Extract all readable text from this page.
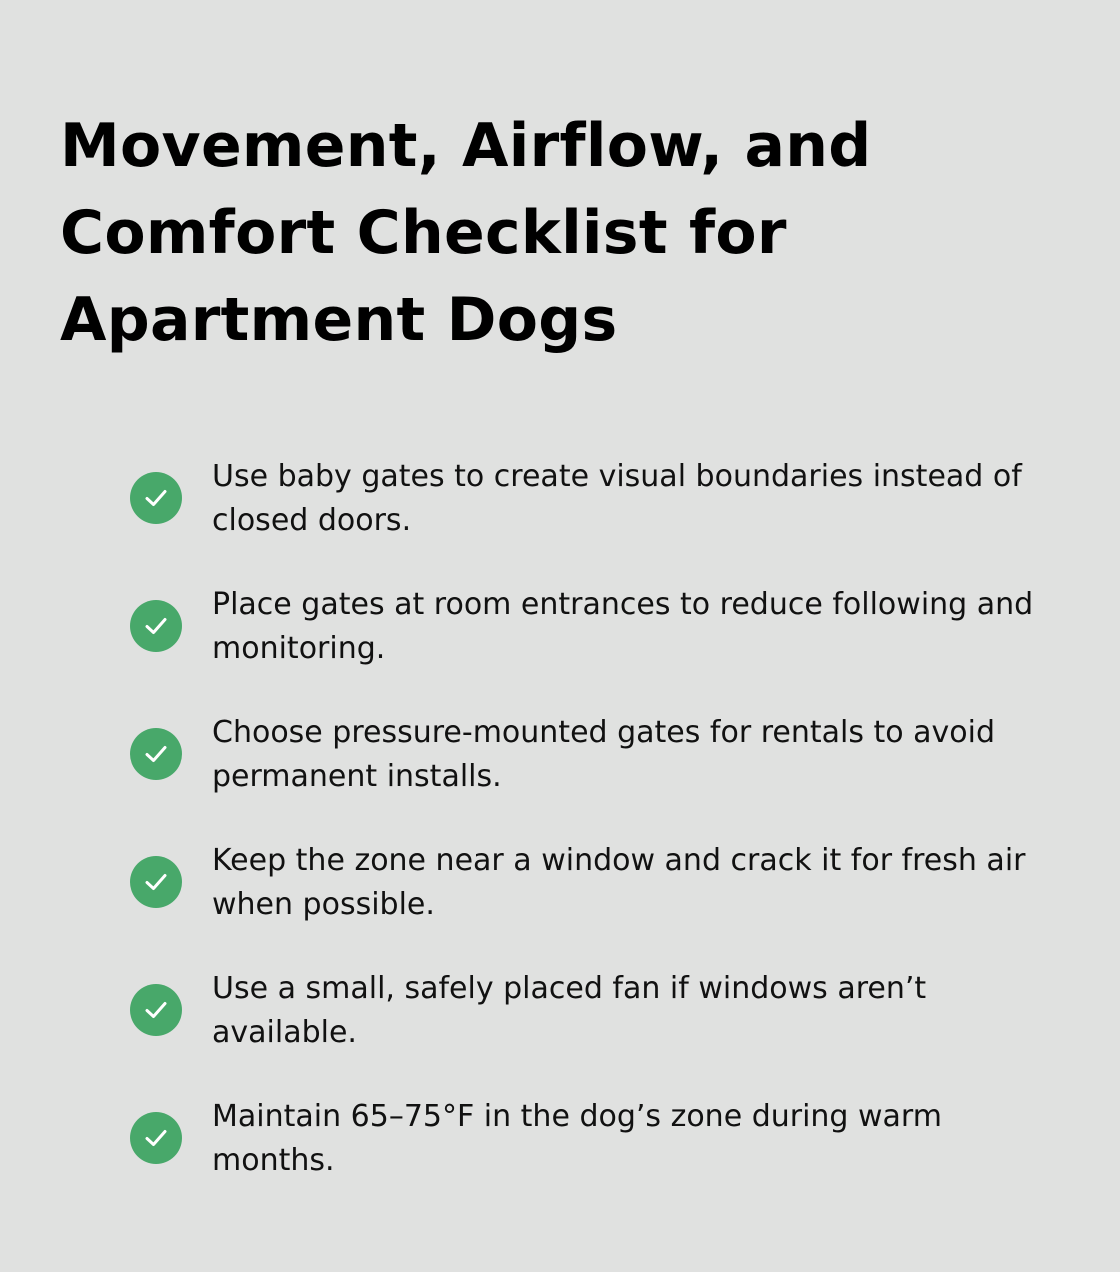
Movement, Airflow, and
Comfort Checklist for
Apartment Dogs
Use baby gates to create visual boundaries instead of
closed doors.
Place gates at room entrances to reduce following and
monitoring.
Choose pressure-mounted gates for rentals to avoid
permanent installs.
Keep the zone near a window and crack it for fresh air
when possible.
Use a small, safely placed fan if windows aren’t
available.
Maintain 65–75°F in the dog’s zone during warm
months.
